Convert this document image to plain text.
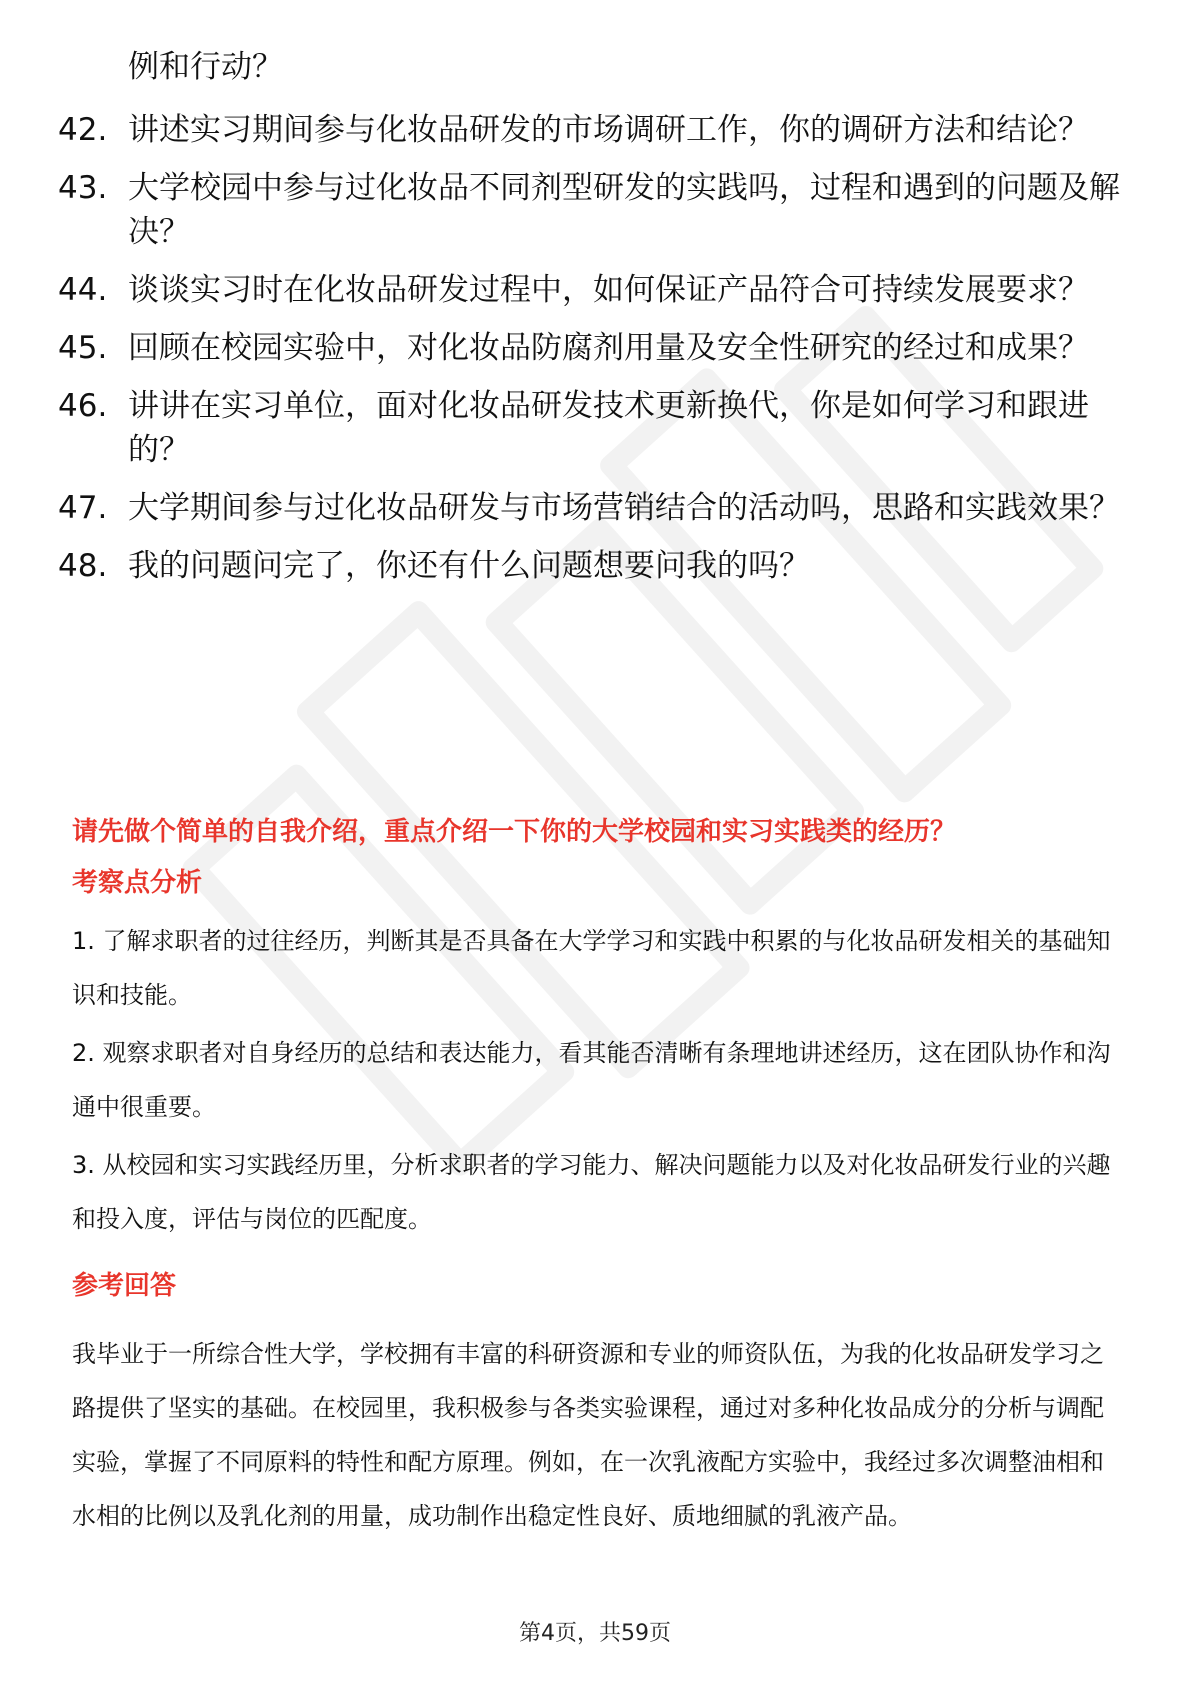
例和行动？
42. 讲述实习期间参与化妆品研发的市场调研工作，你的调研方法和结论？
43. 大学校园中参与过化妆品不同剂型研发的实践吗，过程和遇到的问题及解决？
44. 谈谈实习时在化妆品研发过程中，如何保证产品符合可持续发展要求？
45. 回顾在校园实验中，对化妆品防腐剂用量及安全性研究的经过和成果？
46. 讲讲在实习单位，面对化妆品研发技术更新换代，你是如何学习和跟进的？
47. 大学期间参与过化妆品研发与市场营销结合的活动吗，思路和实践效果？
48. 我的问题问完了，你还有什么问题想要问我的吗？
请先做个简单的自我介绍，重点介绍一下你的大学校园和实习实践类的经历？
考察点分析

1. 了解求职者的过往经历，判断其是否具备在大学学习和实践中积累的与化妆品研发相关的基础知识和技能。

2. 观察求职者对自身经历的总结和表达能力，看其能否清晰有条理地讲述经历，这在团队协作和沟通中很重要。

3. 从校园和实习实践经历里，分析求职者的学习能力、解决问题能力以及对化妆品研发行业的兴趣和投入度，评估与岗位的匹配度。

参考回答

我毕业于一所综合性大学，学校拥有丰富的科研资源和专业的师资队伍，为我的化妆品研发学习之路提供了坚实的基础。在校园里，我积极参与各类实验课程，通过对多种化妆品成分的分析与调配实验，掌握了不同原料的特性和配方原理。例如，在一次乳液配方实验中，我经过多次调整油相和水相的比例以及乳化剂的用量，成功制作出稳定性良好、质地细腻的乳液产品。

第4页，共59页
